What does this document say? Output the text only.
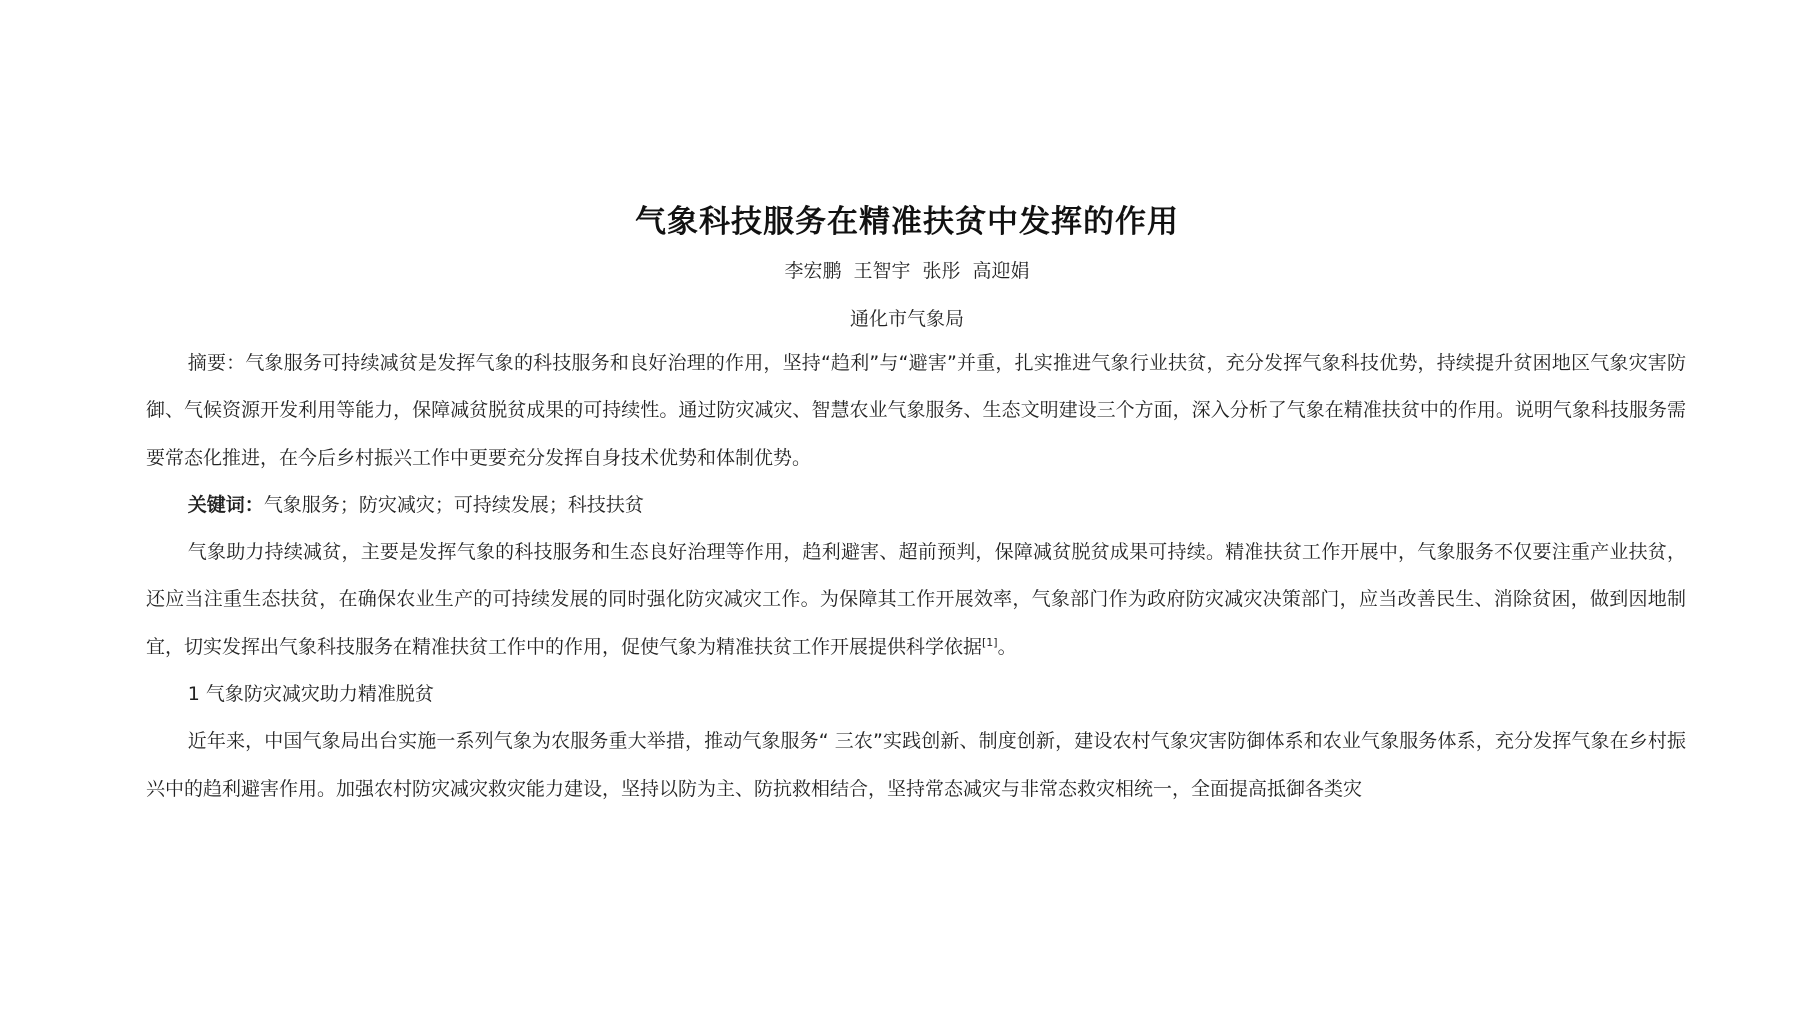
气象科技服务在精准扶贫中发挥的作用
李宏鹏 王智宇 张彤 高迎娟
通化市气象局

摘要：气象服务可持续减贫是发挥气象的科技服务和良好治理的作用，坚持“趋利”与“避害”并重，扎实推进气象行业扶贫，充分发挥气象科技优势，持续提升贫困地区气象灾害防御、气候资源开发利用等能力，保障减贫脱贫成果的可持续性。通过防灾减灾、智慧农业气象服务、生态文明建设三个方面，深入分析了气象在精准扶贫中的作用。说明气象科技服务需要常态化推进，在今后乡村振兴工作中更要充分发挥自身技术优势和体制优势。

关键词：气象服务；防灾减灾；可持续发展；科技扶贫

气象助力持续减贫，主要是发挥气象的科技服务和生态良好治理等作用，趋利避害、超前预判，保障减贫脱贫成果可持续。精准扶贫工作开展中，气象服务不仅要注重产业扶贫，还应当注重生态扶贫，在确保农业生产的可持续发展的同时强化防灾减灾工作。为保障其工作开展效率，气象部门作为政府防灾减灾决策部门，应当改善民生、消除贫困，做到因地制宜，切实发挥出气象科技服务在精准扶贫工作中的作用，促使气象为精准扶贫工作开展提供科学依据[1]。

1 气象防灾减灾助力精准脱贫

近年来，中国气象局出台实施一系列气象为农服务重大举措，推动气象服务“ 三农”实践创新、制度创新，建设农村气象灾害防御体系和农业气象服务体系，充分发挥气象在乡村振兴中的趋利避害作用。加强农村防灾减灾救灾能力建设，坚持以防为主、防抗救相结合，坚持常态减灾与非常态救灾相统一，全面提高抵御各类灾
